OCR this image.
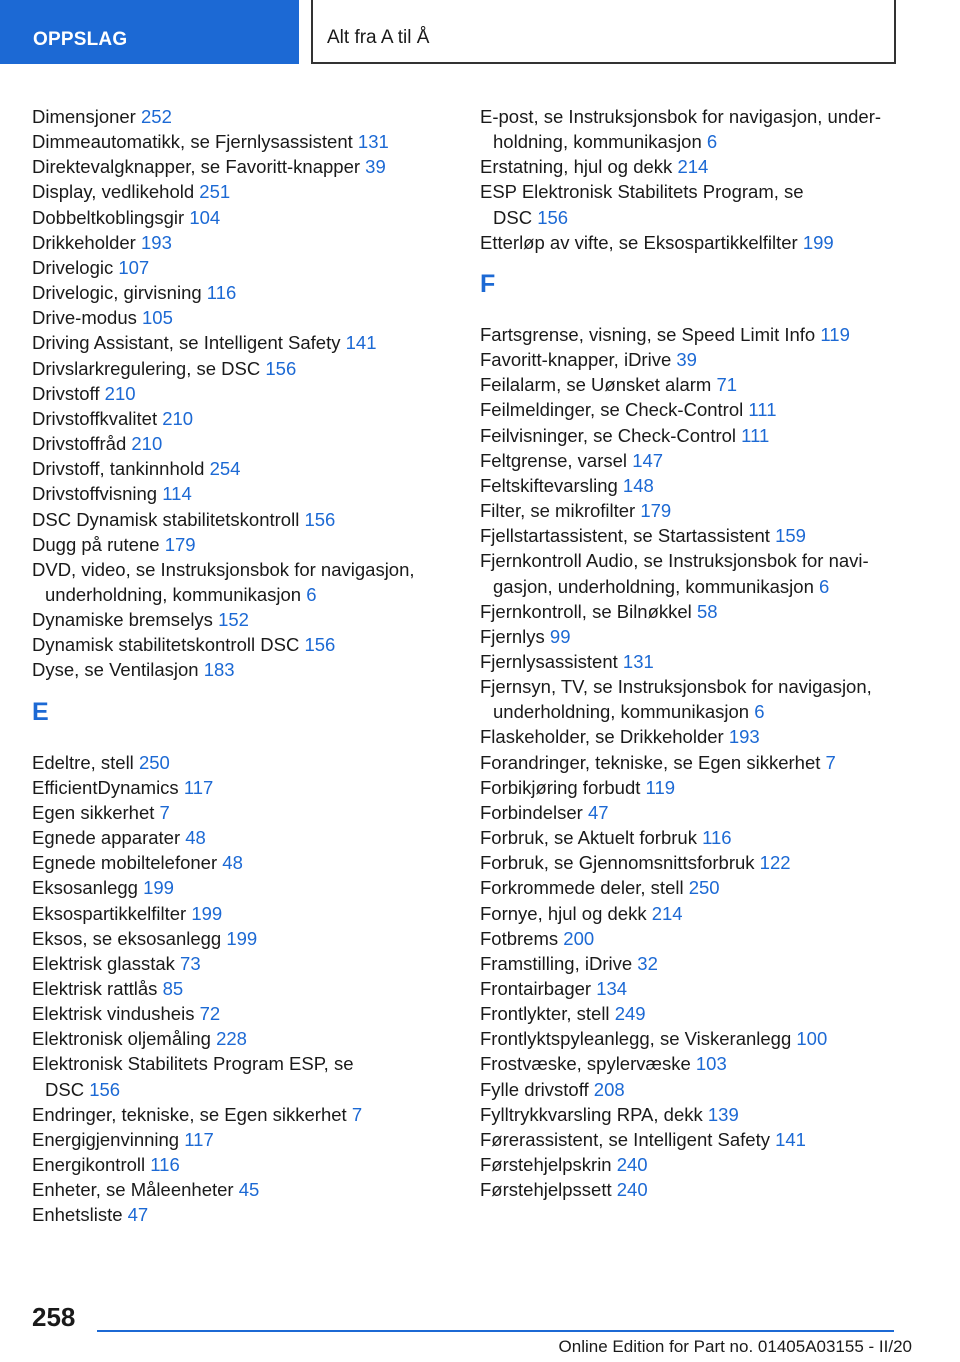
OPPSLAG	Alt fra A til Å
Dimensjoner 252
Dimmeautomatikk, se Fjernlysassistent 131
Direktevalgknapper, se Favoritt-knapper 39
Display, vedlikehold 251
Dobbeltkoblingsgir 104
Drikkeholder 193
Drivelogic 107
Drivelogic, girvisning 116
Drive-modus 105
Driving Assistant, se Intelligent Safety 141
Drivslarkregulering, se DSC 156
Drivstoff 210
Drivstoffkvalitet 210
Drivstoffråd 210
Drivstoff, tankinnhold 254
Drivstoffvisning 114
DSC Dynamisk stabilitetskontroll 156
Dugg på rutene 179
DVD, video, se Instruksjonsbok for navigasjon,
underholdning, kommunikasjon 6
Dynamiske bremselys 152
Dynamisk stabilitetskontroll DSC 156
Dyse, se Ventilasjon 183
E
Edeltre, stell 250
EfficientDynamics 117
Egen sikkerhet 7
Egnede apparater 48
Egnede mobiltelefoner 48
Eksosanlegg 199
Eksospartikkelfilter 199
Eksos, se eksosanlegg 199
Elektrisk glasstak 73
Elektrisk rattlås 85
Elektrisk vindusheis 72
Elektronisk oljemåling 228
Elektronisk Stabilitets Program ESP, se
DSC 156
Endringer, tekniske, se Egen sikkerhet 7
Energigjenvinning 117
Energikontroll 116
Enheter, se Måleenheter 45
Enhetsliste 47
E-post, se Instruksjonsbok for navigasjon, under-
holdning, kommunikasjon 6
Erstatning, hjul og dekk 214
ESP Elektronisk Stabilitets Program, se
DSC 156
Etterløp av vifte, se Eksospartikkelfilter 199
F
Fartsgrense, visning, se Speed Limit Info 119
Favoritt-knapper, iDrive 39
Feilalarm, se Uønsket alarm 71
Feilmeldinger, se Check-Control 111
Feilvisninger, se Check-Control 111
Feltgrense, varsel 147
Feltskiftevarsling 148
Filter, se mikrofilter 179
Fjellstartassistent, se Startassistent 159
Fjernkontroll Audio, se Instruksjonsbok for navi-
gasjon, underholdning, kommunikasjon 6
Fjernkontroll, se Bilnøkkel 58
Fjernlys 99
Fjernlysassistent 131
Fjernsyn, TV, se Instruksjonsbok for navigasjon,
underholdning, kommunikasjon 6
Flaskeholder, se Drikkeholder 193
Forandringer, tekniske, se Egen sikkerhet 7
Forbikjøring forbudt 119
Forbindelser 47
Forbruk, se Aktuelt forbruk 116
Forbruk, se Gjennomsnittsforbruk 122
Forkrommede deler, stell 250
Fornye, hjul og dekk 214
Fotbrems 200
Framstilling, iDrive 32
Frontairbager 134
Frontlykter, stell 249
Frontlyktspyleanlegg, se Viskeranlegg 100
Frostvæske, spylervæske 103
Fylle drivstoff 208
Fylltrykkvarsling RPA, dekk 139
Førerassistent, se Intelligent Safety 141
Førstehjelpskrin 240
Førstehjelpssett 240
258
Online Edition for Part no. 01405A03155 - II/20
